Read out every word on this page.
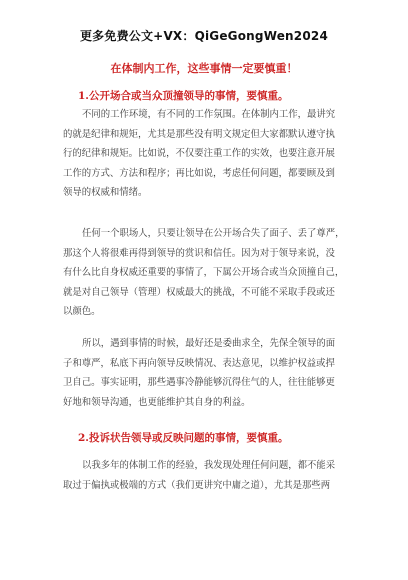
更多免费公文+VX：QiGeGongWen2024
在体制内工作，这些事情一定要慎重！
1.公开场合或当众顶撞领导的事情，要慎重。
不同的工作环境，有不同的工作氛围。在体制内工作，最讲究
的就是纪律和规矩，尤其是那些没有明文规定但大家都默认遵守执
行的纪律和规矩。比如说，不仅要注重工作的实效，也要注意开展
工作的方式、方法和程序；再比如说，考虑任何问题，都要顾及到
领导的权威和情绪。
任何一个职场人，只要让领导在公开场合失了面子、丢了尊严，
那这个人将很难再得到领导的赏识和信任。因为对于领导来说，没
有什么比自身权威还重要的事情了，下属公开场合或当众顶撞自己，
就是对自己领导（管理）权威最大的挑战，不可能不采取手段或还
以颜色。
所以，遇到事情的时候，最好还是委曲求全，先保全领导的面
子和尊严，私底下再向领导反映情况、表达意见，以维护权益或捍
卫自己。事实证明，那些遇事冷静能够沉得住气的人，往往能够更
好地和领导沟通，也更能维护其自身的利益。
2.投诉状告领导或反映问题的事情，要慎重。
以我多年的体制工作的经验，我发现处理任何问题，都不能采
取过于偏执或极端的方式（我们更讲究中庸之道），尤其是那些两
